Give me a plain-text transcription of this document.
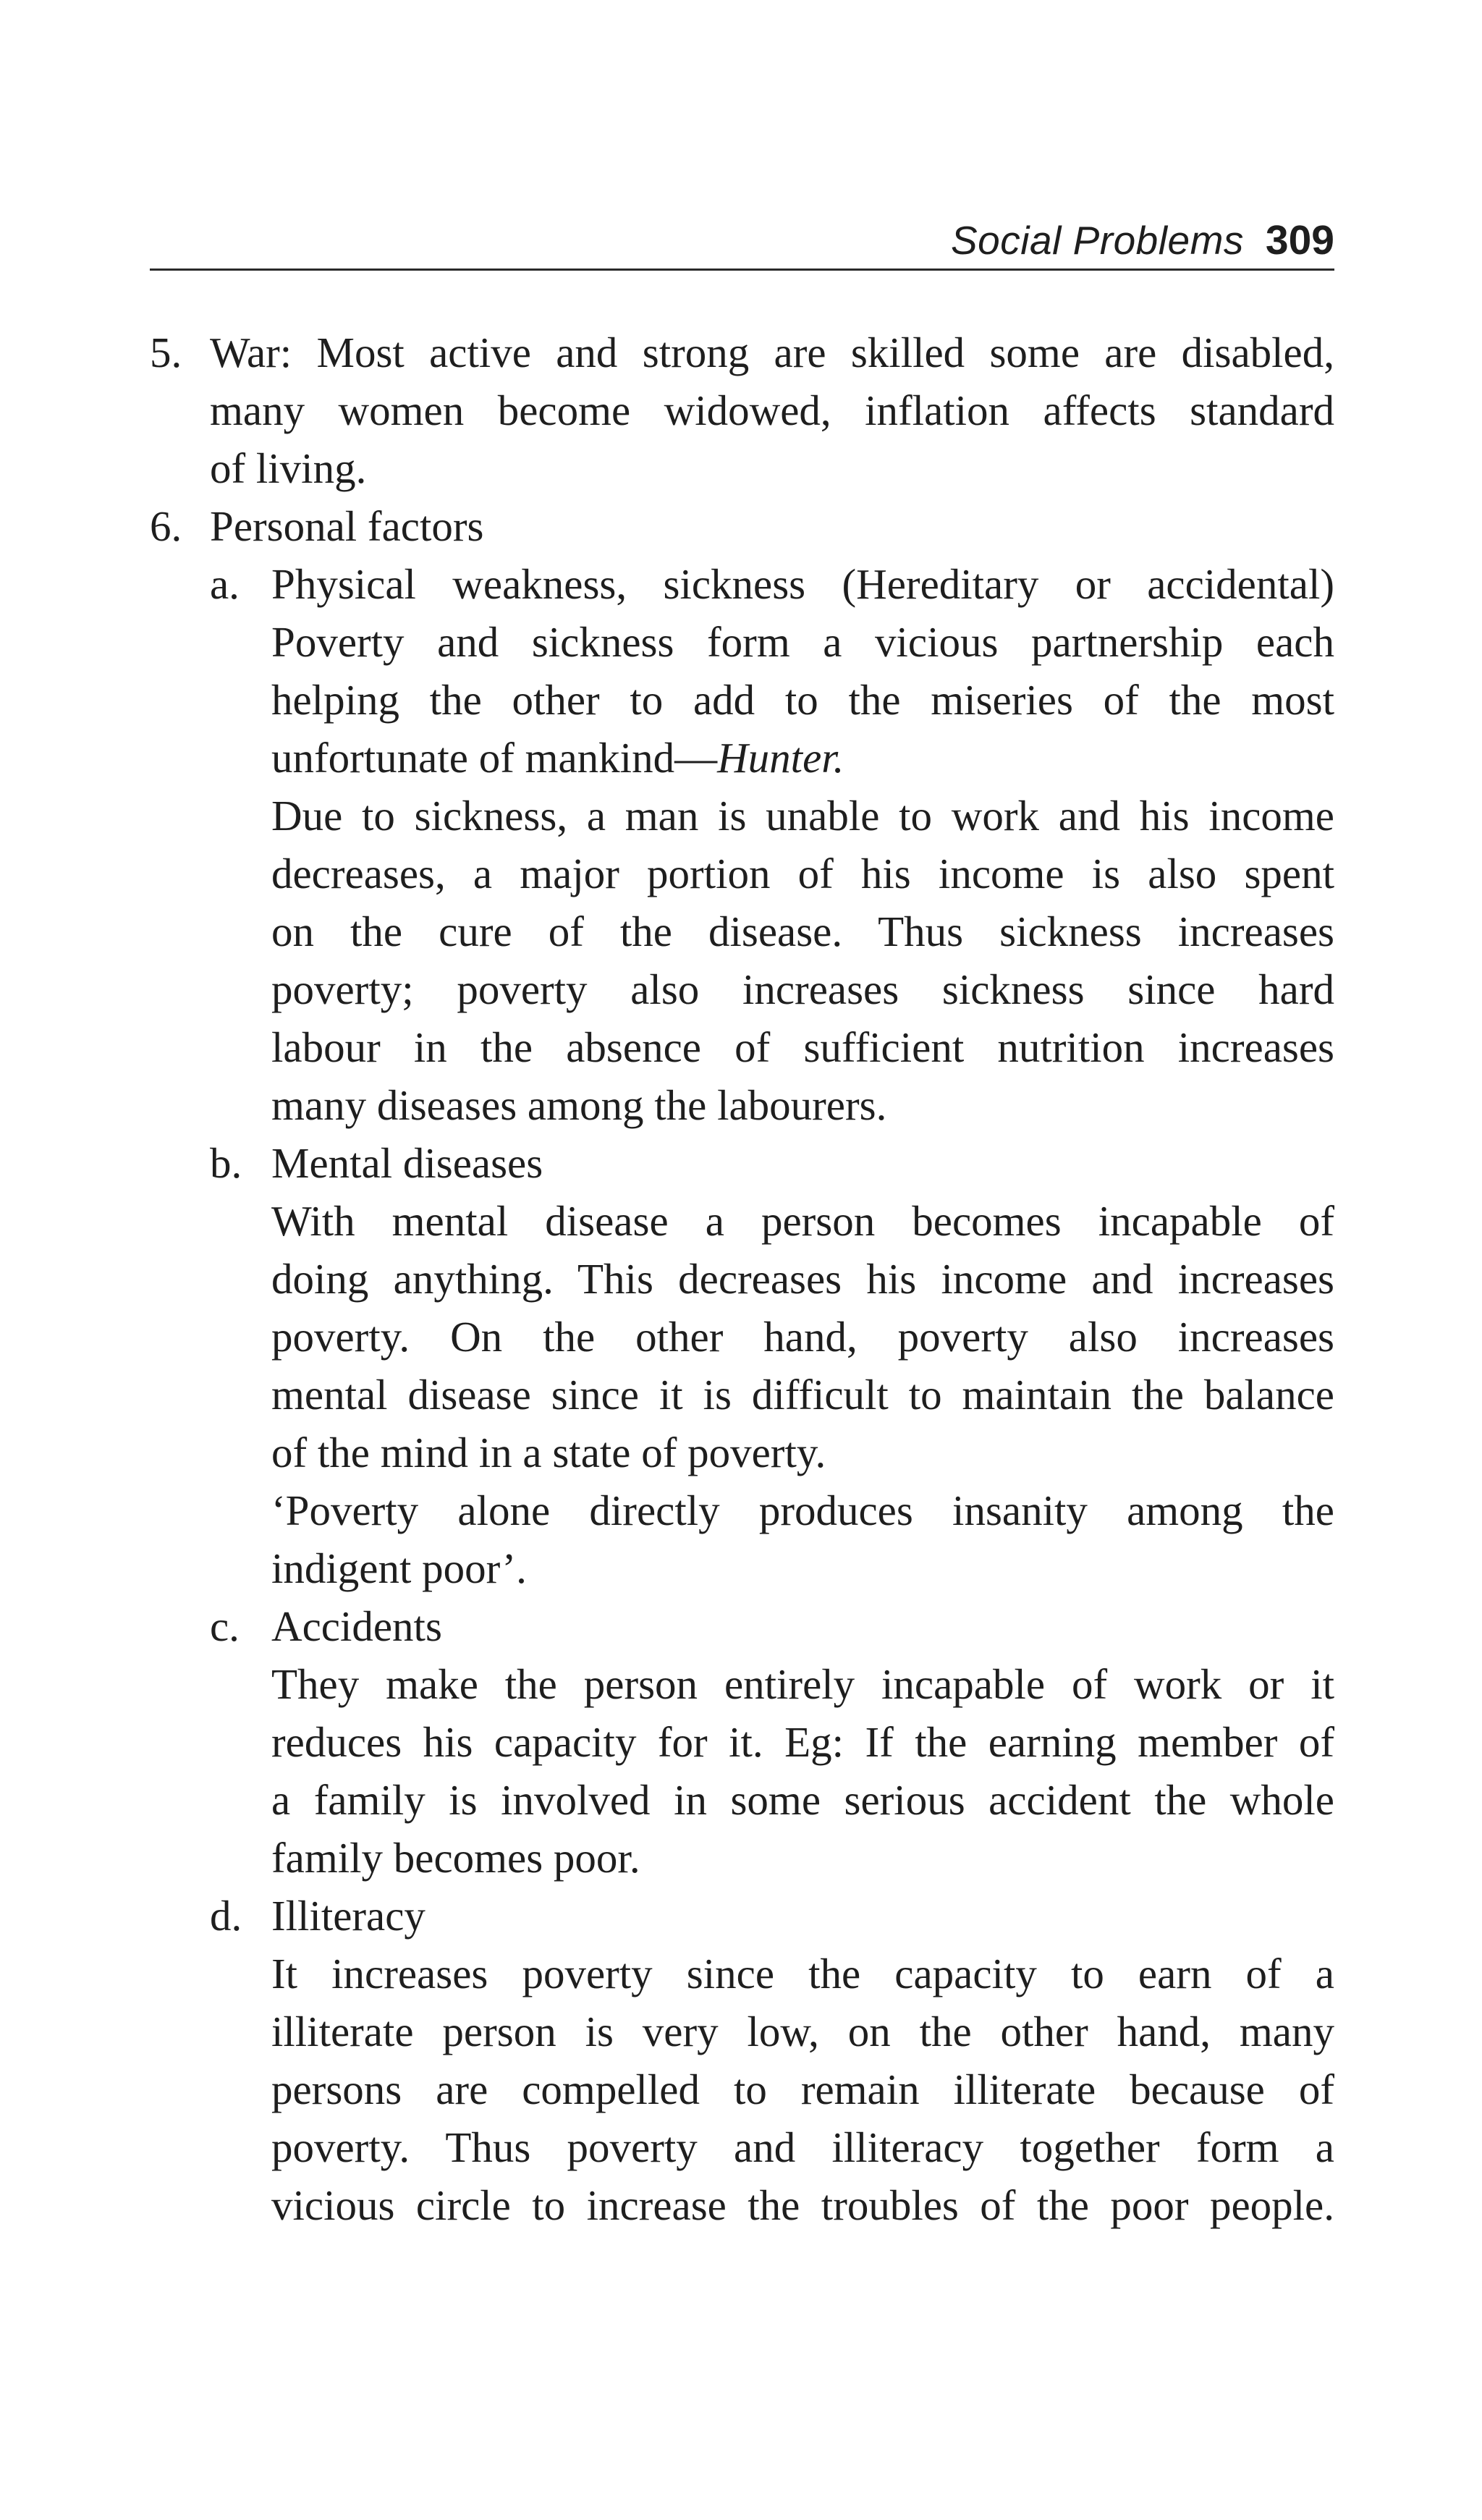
Social Problems 309
5. War: Most active and strong are skilled some are disabled,
many women become widowed, inflation affects standard
of living.
6. Personal factors
a. Physical weakness, sickness (Hereditary or accidental)
Poverty and sickness form a vicious partnership each
helping the other to add to the miseries of the most
unfortunate of mankind—Hunter.
Due to sickness, a man is unable to work and his income
decreases, a major portion of his income is also spent
on the cure of the disease. Thus sickness increases
poverty; poverty also increases sickness since hard
labour in the absence of sufficient nutrition increases
many diseases among the labourers.
b. Mental diseases
With mental disease a person becomes incapable of
doing anything. This decreases his income and increases
poverty. On the other hand, poverty also increases
mental disease since it is difficult to maintain the balance
of the mind in a state of poverty.
‘Poverty alone directly produces insanity among the
indigent poor’.
c. Accidents
They make the person entirely incapable of work or it
reduces his capacity for it. Eg: If the earning member of
a family is involved in some serious accident the whole
family becomes poor.
d. Illiteracy
It increases poverty since the capacity to earn of a
illiterate person is very low, on the other hand, many
persons are compelled to remain illiterate because of
poverty. Thus poverty and illiteracy together form a
vicious circle to increase the troubles of the poor people.
